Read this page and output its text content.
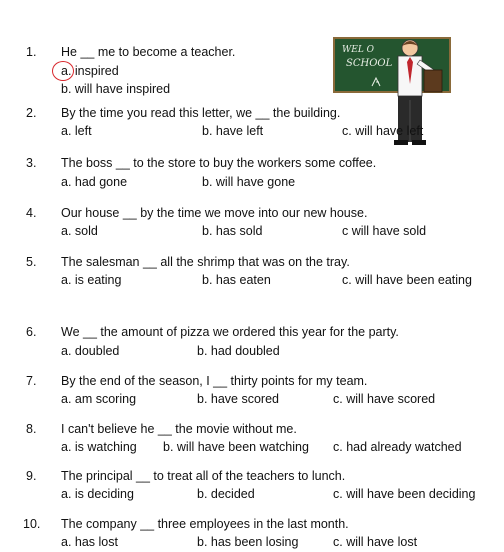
WEL O
SCHOOL
1. He __ me to become a teacher.
a. inspired
b. will have inspired
2. By the time you read this letter, we __ the building.
a. left	b. have left	c. will have left
3. The boss __ to the store to buy the workers some coffee.
a. had gone	b. will have gone
4. Our house __ by the time we move into our new house.
a. sold	b. has sold	c will have sold
5. The salesman __ all the shrimp that was on the tray.
a. is eating	b. has eaten	c. will have been eating
6. We __ the amount of pizza we ordered this year for the party.
a. doubled	b. had doubled
7. By the end of the season, I __ thirty points for my team.
a. am scoring	b. have scored	c. will have scored
8. I can't believe he __ the movie without me.
a. is watching b. will have been watching c. had already watched
9. The principal __ to treat all of the teachers to lunch.
a. is deciding	b. decided	c. will have been deciding
10. The company __ three employees in the last month.
a. has lost	b. has been losing	c. will have lost
